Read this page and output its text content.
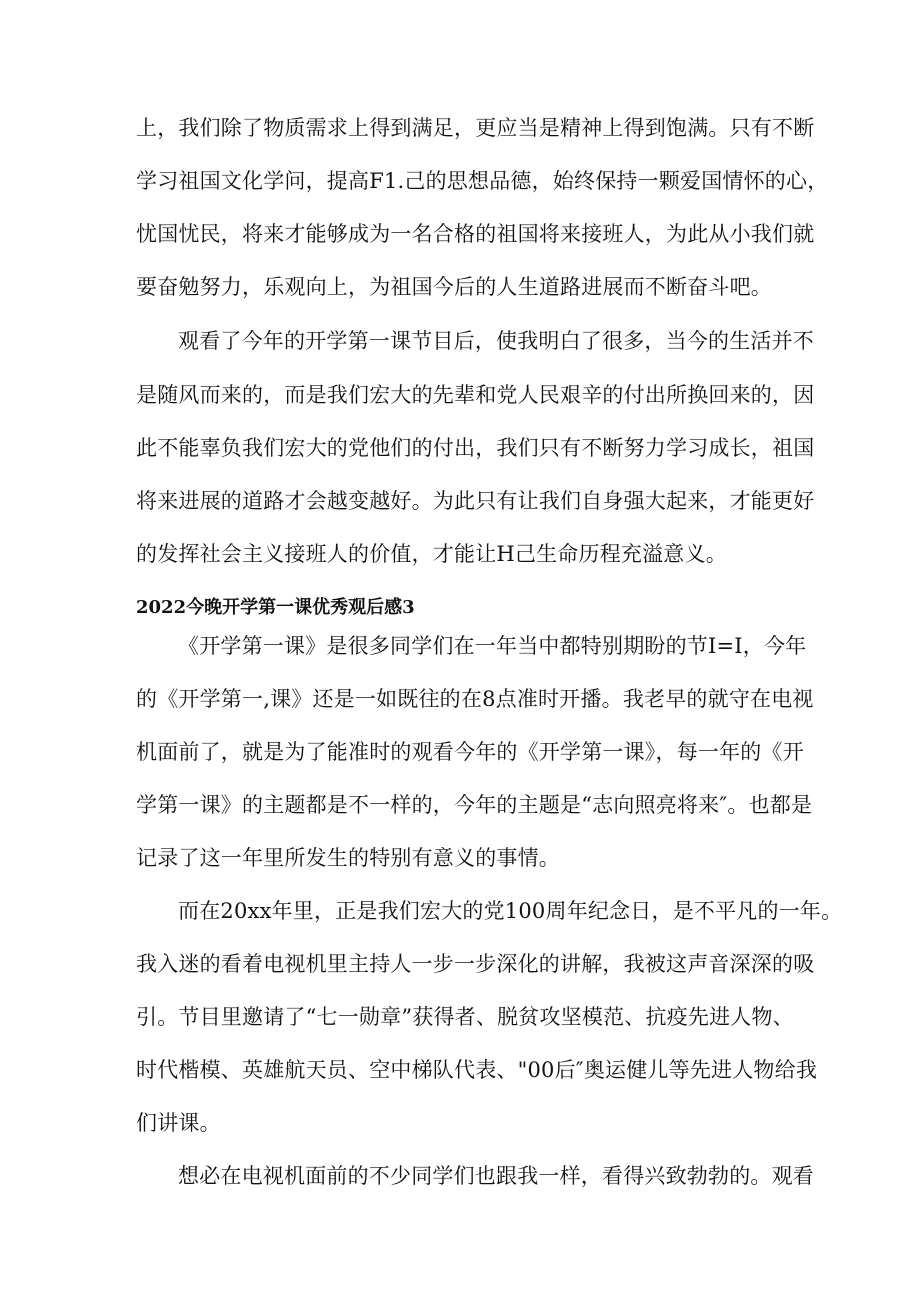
上，我们除了物质需求上得到满足，更应当是精神上得到饱满。只有不断
学习祖国文化学问，提高F1.己的思想品德，始终保持一颗爱国情怀的心，
忧国忧民，将来才能够成为一名合格的祖国将来接班人，为此从小我们就
要奋勉努力，乐观向上，为祖国今后的人生道路进展而不断奋斗吧。
观看了今年的开学第一课节目后，使我明白了很多，当今的生活并不
是随风而来的，而是我们宏大的先辈和党人民艰辛的付出所换回来的，因
此不能辜负我们宏大的党他们的付出，我们只有不断努力学习成长，祖国
将来进展的道路才会越变越好。为此只有让我们自身强大起来，才能更好
的发挥社会主义接班人的价值，才能让H己生命历程充溢意义。
2022今晚开学第一课优秀观后感3
《开学第一课》是很多同学们在一年当中都特别期盼的节I=I，今年
的《开学第一,课》还是一如既往的在8点准时开播。我老早的就守在电视
机面前了，就是为了能准时的观看今年的《开学第一课》，每一年的《开
学第一课》的主题都是不一样的，今年的主题是“志向照亮将来″。也都是
记录了这一年里所发生的特别有意义的事情。
而在20xx年里，正是我们宏大的党100周年纪念日，是不平凡的一年。
我入迷的看着电视机里主持人一步一步深化的讲解，我被这声音深深的吸
引。节目里邀请了“七一勋章”获得者、脱贫攻坚模范、抗疫先进人物、
时代楷模、英雄航天员、空中梯队代表、"00后″奥运健儿等先进人物给我
们讲课。
想必在电视机面前的不少同学们也跟我一样，看得兴致勃勃的。观看
